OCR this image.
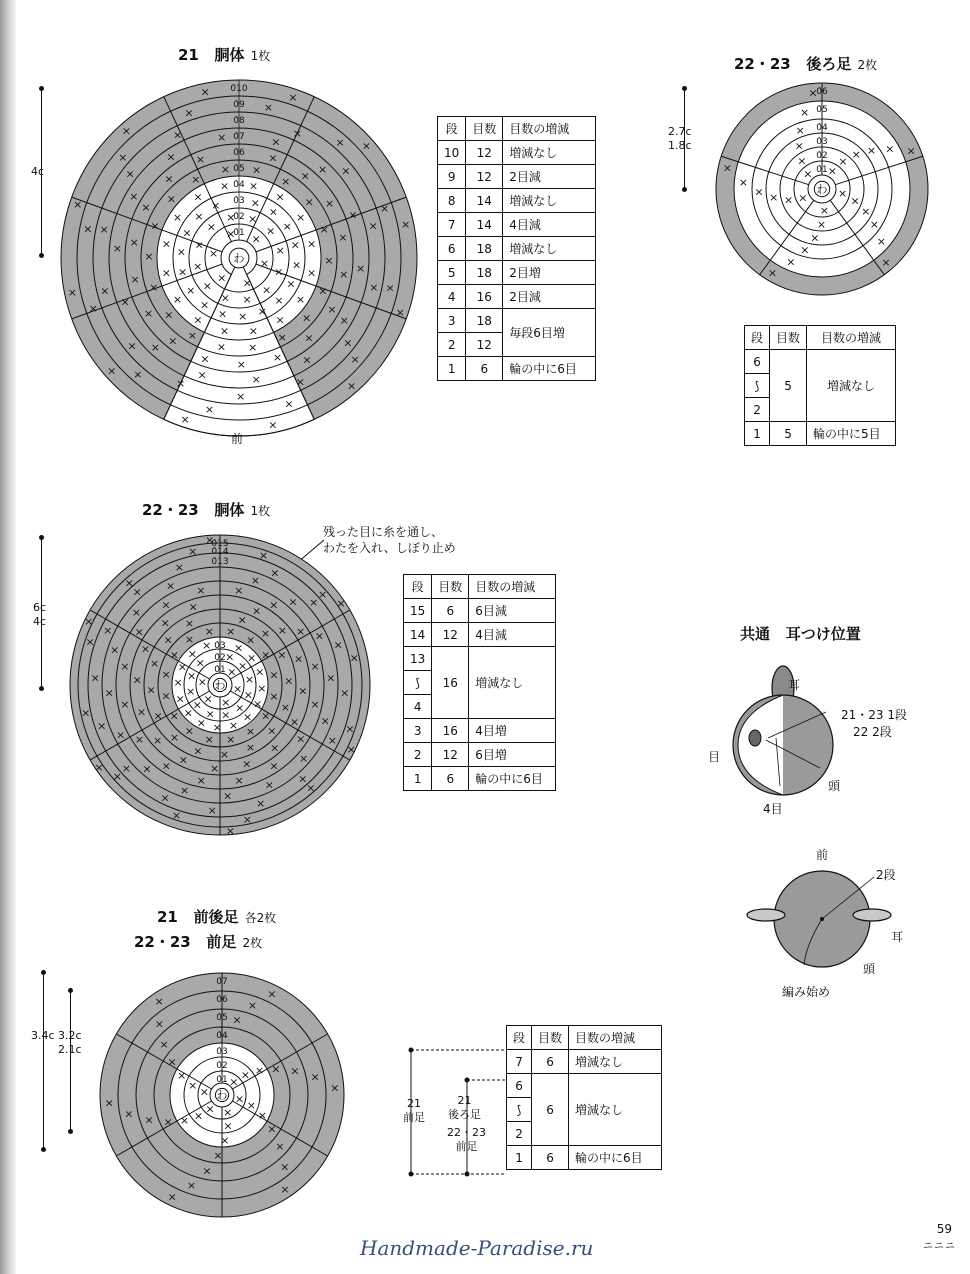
21 胴体 1枚
4c
×
×
×
×
× ×
×
×
×
×
×
×
×
×
× ×
×
×
×
×
×
×
×
×
×
×
×
×
×
×	×
×
×
×
×
×
×
×
×
×
×
×
×
×
×
× ×
×
×
×
×
×
×
×
×
×
×
×
×
×
×
×
× ×
×
×
×
×
×
×
×
×
×
×
×
×
×
×
×
×	×
×
×
×
×
×
×
×
×
×
×
×
×
×
×	×
×
×
×
×
×
×
×
×
×
×
×
×	×
×
×
×
×
×
×
×
×
×
×
×	×
×
×
×
×
×
×
×
×
×
×
×	×
×
×
×
×
0̇1
0̇2
0̇3
0̇4
0̇5
0̇6
0̇7
0̇8
0̇9
0̇10
わ
前
段	目数	目数の増減
10	12	増減なし
9	12	2目減
8	14	増減なし
7	14	4目減
6	18	増減なし
5	18	2目増
4	16	2目減
3	18	毎段6目増
2	12	
1	6	輪の中に6目
22・23 後ろ足 2枚
2.7c
1.8c
×
×
×
× ×
×
×
×
×	×
×
×
×
×
×
×
×
×
×
×
×
×
×
×
×
×
×
×
×
×
0̇1
0̇2
0̇3
0̇4
0̇5
0̇6
わ
段	目数	目数の増減
6	5	増減なし
⟆		
2		
1	5	輪の中に5目
22・23 胴体 1枚
残った目に糸を通し、
わたを入れ、しぼり止め
6c
4c
×
×
×
×
×
×
×
×
×
×
×
×
× ×
×
×
×
×
×
×
×
×
×
×
×
×
× ×
×
×
×
×
×
×
×
×
×
×
×
×
×
× ×
×
×
×
×
×
×
×
×
×
×
×
×
×
×	×
×
×
×
×
×
×
×
×
×
×
×
×
×
×	×
×
×
×
×
×
×
×
×
×
×
×
×
×
×	×
×
×
×
×
×
×
×
×
×
×
×
×
×
×	×
×
×
×
×
×
×
×
×
×
×
×
×
×
×	×
×
×
×
×
×
×
×
×
×
×
×
×	×
×
×
×
×
×
×
×
×
×
×
0̇1
0̇2
0̇3
0̇13
0̇14
0̇15
わ
段	目数	目数の増減
15	6	6目減
14	12	4目減
13	16	増減なし
⟆		
4		
3	16	4目増
2	12	6目増
1	6	輪の中に6目
共通 耳つけ位置
耳
21・23 1段
22 2段
目
頭
4目
前
2段
耳
頭
編み始め
21 前後足 各2枚
22・23 前足 2枚
3.4c 3.2c
2.1c
×
×
×
×
×
×
×
×
×
×
×
×
×
×	×
×
×
×
×
×
×
×
×
×
×
×
×
×
×
×
×
×
×
×
×
×
×
×
0̇1
0̇2
0̇3
0̇4
0̇5
0̇6
0̇7
わ
21
前足
21
後ろ足
22・23
前足
段	目数	目数の増減
7	6	増減なし
6	6	増減なし
⟆		
2		
1	6	輪の中に6目
59
ニニニ
Handmade-Paradise.ru
